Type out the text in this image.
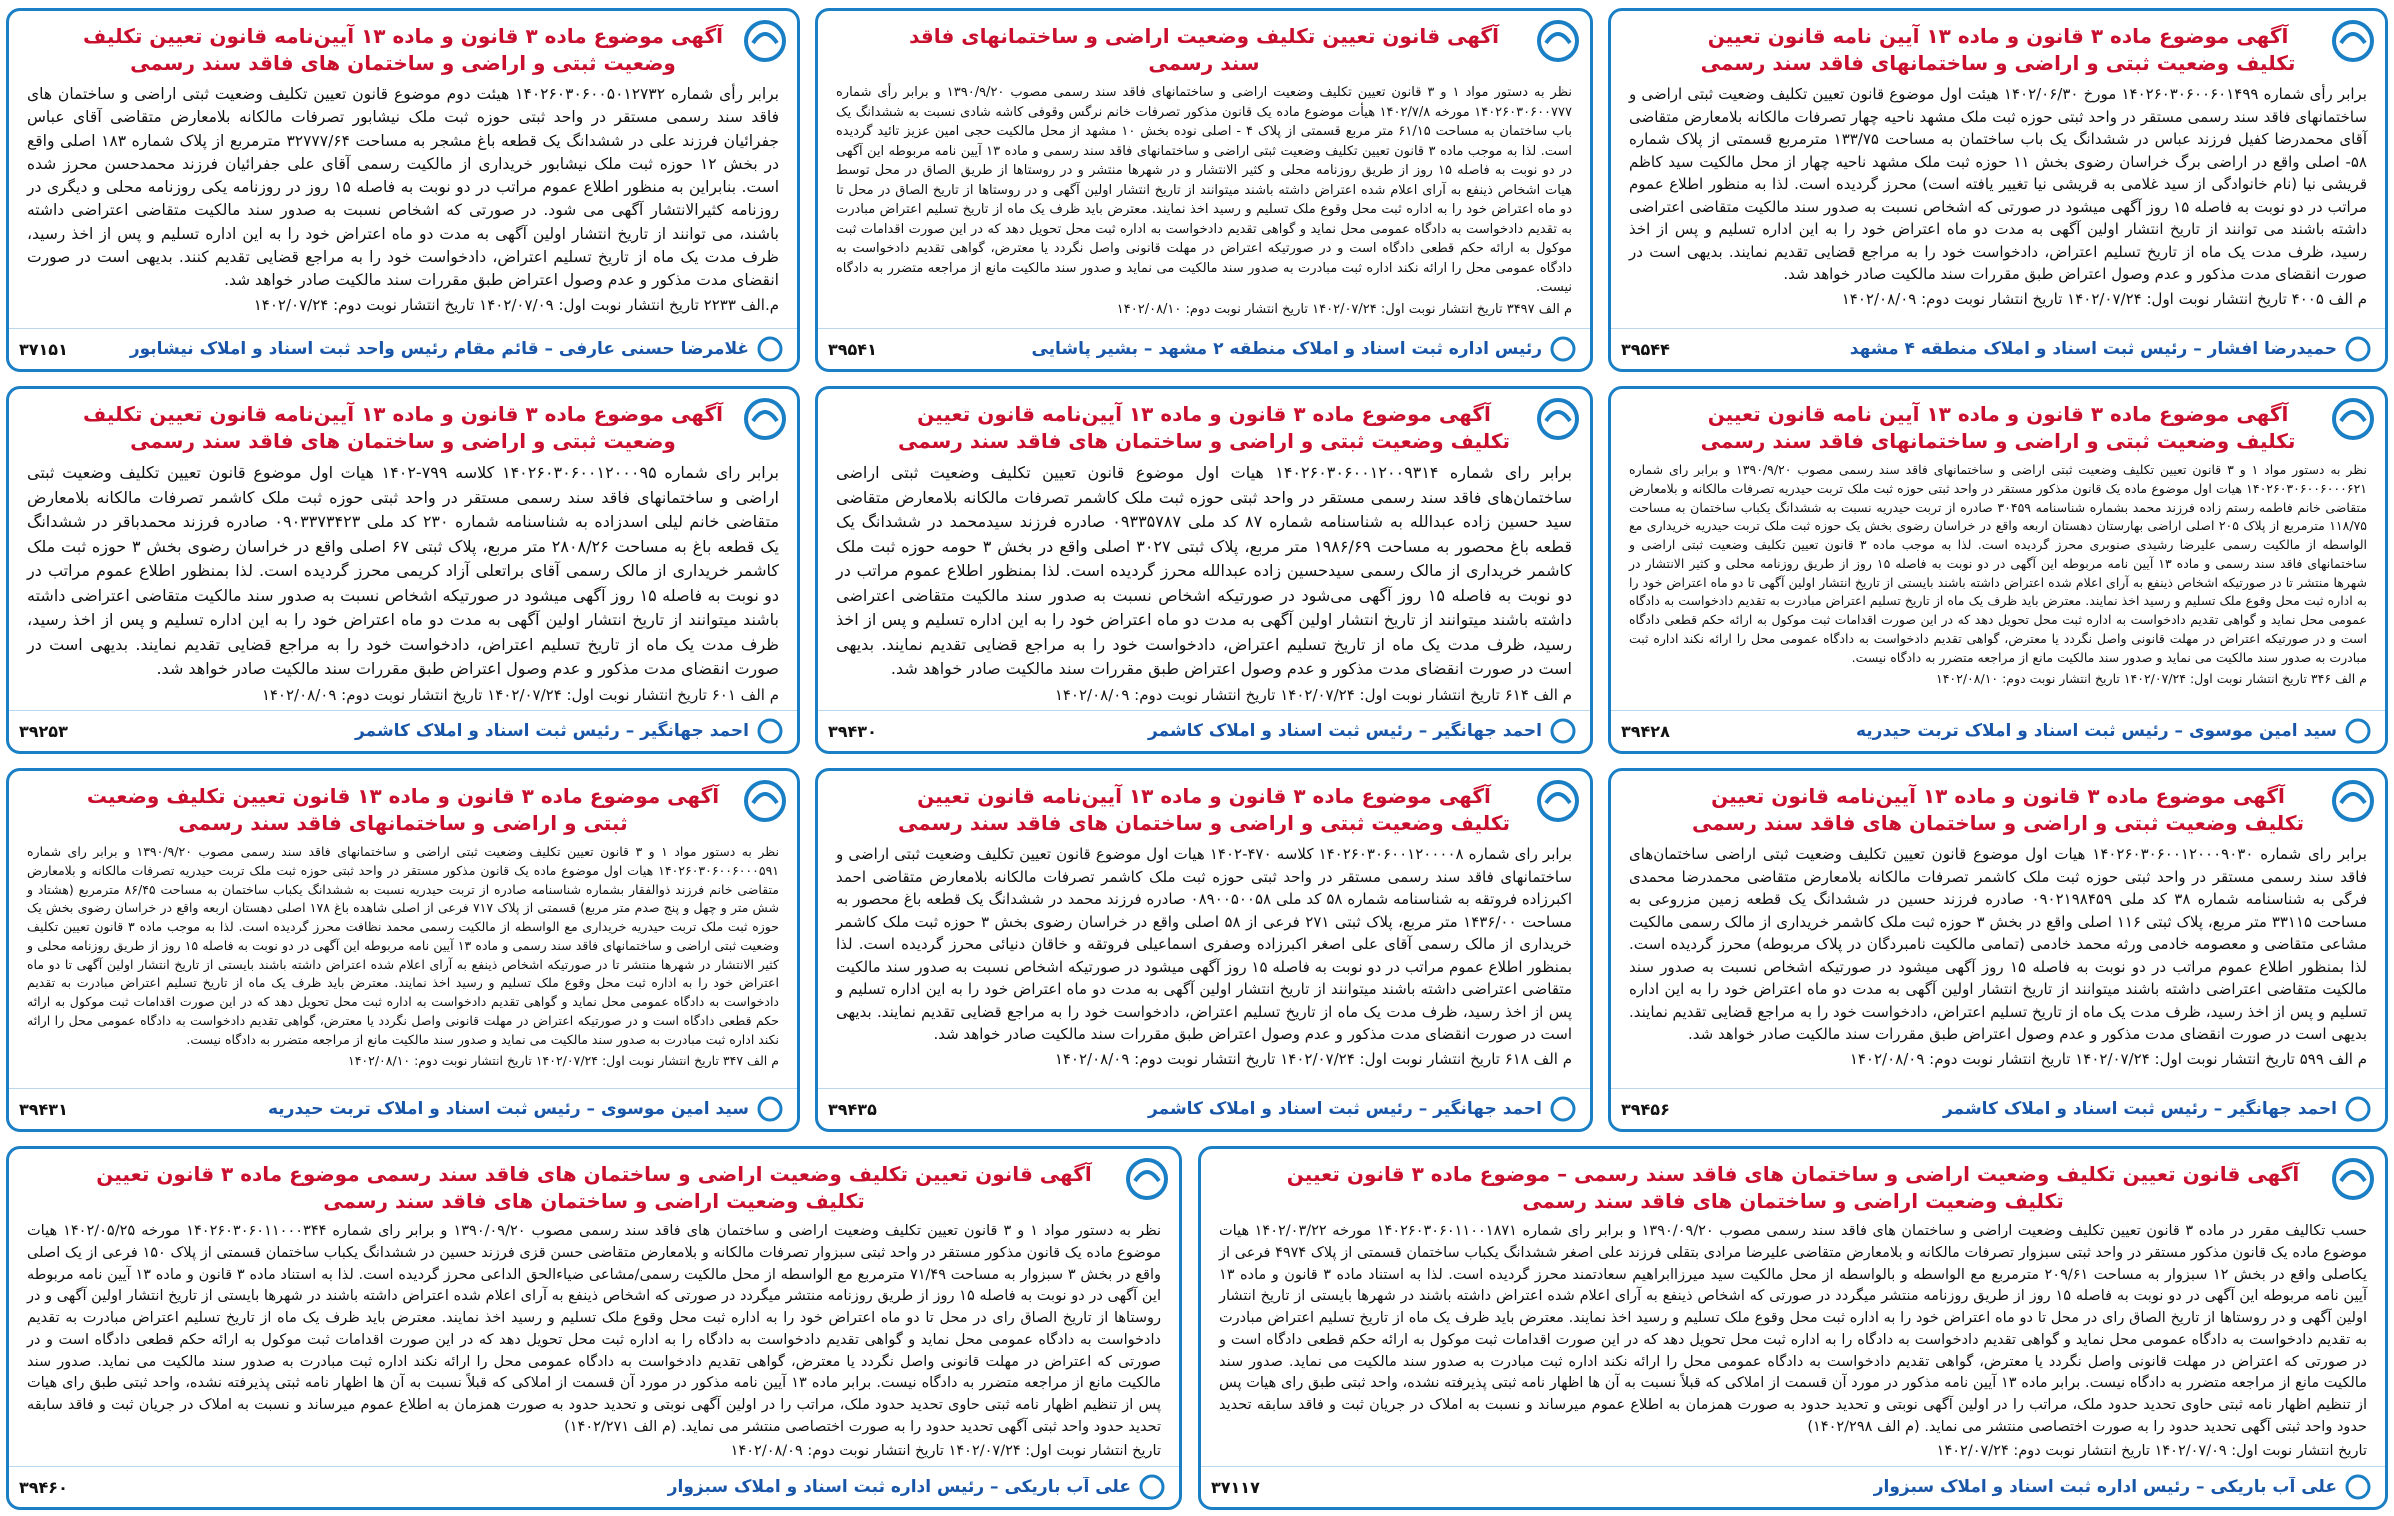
آگهی موضوع ماده ۳ قانون و ماده ۱۳ آیین نامه قانون تعیین تکلیف وضعیت ثبتی و اراضی و ساختمانهای فاقد سند رسمی
برابر رأی شماره ۱۴۰۲۶۰۳۰۶۰۰۶۰۱۴۹۹ مورخ ۱۴۰۲/۰۶/۳۰ هیئت اول موضوع قانون تعیین تکلیف وضعیت ثبتی اراضی و ساختمانهای فاقد سند رسمی مستقر در واحد ثبتی حوزه ثبت ملک مشهد ناحیه چهار تصرفات مالکانه بلامعارض متقاضی آقای محمدرضا کفیل فرزند عباس در ششدانگ یک باب ساختمان به مساحت ۱۳۳/۷۵ مترمربع قسمتی از پلاک شماره ۵۸- اصلی واقع در اراضی برگ خراسان رضوی بخش ۱۱ حوزه ثبت ملک مشهد ناحیه چهار از محل مالکیت سید کاظم قریشی نیا (نام خانوادگی از سید غلامی به قریشی نیا تغییر یافته است) محرز گردیده است. لذا به منظور اطلاع عموم مراتب در دو نوبت به فاصله ۱۵ روز آگهی میشود در صورتی که اشخاص نسبت به صدور سند مالکیت متقاضی اعتراضی داشته باشند می توانند از تاریخ انتشار اولین آگهی به مدت دو ماه اعتراض خود را به این اداره تسلیم و پس از اخذ رسید، ظرف مدت یک ماه از تاریخ تسلیم اعتراض، دادخواست خود را به مراجع قضایی تقدیم نمایند. بدیهی است در صورت انقضای مدت مذکور و عدم وصول اعتراض طبق مقررات سند مالکیت صادر خواهد شد.
م الف ۴۰۰۵ تاریخ انتشار نوبت اول: ۱۴۰۲/۰۷/۲۴ تاریخ انتشار نوبت دوم: ۱۴۰۲/۰۸/۰۹
حمیدرضا افشار – رئیس ثبت اسناد و املاک منطقه ۴ مشهد
۳۹۵۴۴
آگهی قانون تعیین تکلیف وضعیت اراضی و ساختمانهای فاقد سند رسمی
نظر به دستور مواد ۱ و ۳ قانون تعیین تکلیف وضعیت اراضی و ساختمانهای فاقد سند رسمی مصوب ۱۳۹۰/۹/۲۰ و برابر رأی شماره ۱۴۰۲۶۰۳۰۶۰۰۷۷۷ مورخه ۱۴۰۲/۷/۸ هیأت موضوع ماده یک قانون مذکور تصرفات خانم نرگس وقوفی کاشه شادی نسبت به ششدانگ یک باب ساختمان به مساحت ۶۱/۱۵ متر مربع قسمتی از پلاک ۴ - اصلی نوده بخش ۱۰ مشهد از محل مالکیت حجی امین عزیز تائید گردیده است. لذا به موجب ماده ۳ قانون تعیین تکلیف وضعیت ثبتی اراضی و ساختمانهای فاقد سند رسمی و ماده ۱۳ آیین نامه مربوطه این آگهی در دو نوبت به فاصله ۱۵ روز از طریق روزنامه محلی و کثیر الانتشار و در شهرها منتشر و در روستاها از طریق الصاق در محل توسط هیات اشخاص ذینفع به آرای اعلام شده اعتراض داشته باشند میتوانند از تاریخ انتشار اولین آگهی و در روستاها از تاریخ الصاق در محل تا دو ماه اعتراض خود را به اداره ثبت محل وقوع ملک تسلیم و رسید اخذ نمایند. معترض باید ظرف یک ماه از تاریخ تسلیم اعتراض مبادرت به تقدیم دادخواست به دادگاه عمومی محل نماید و گواهی تقدیم دادخواست به اداره ثبت محل تحویل دهد که در این صورت اقدامات ثبت موکول به ارائه حکم قطعی دادگاه است و در صورتیکه اعتراض در مهلت قانونی واصل نگردد یا معترض، گواهی تقدیم دادخواست به دادگاه عمومی محل را ارائه نکند اداره ثبت مبادرت به صدور سند مالکیت می نماید و صدور سند مالکیت مانع از مراجعه متضرر به دادگاه نیست.
م الف ۳۴۹۷ تاریخ انتشار نوبت اول: ۱۴۰۲/۰۷/۲۴ تاریخ انتشار نوبت دوم: ۱۴۰۲/۰۸/۱۰
رئیس اداره ثبت اسناد و املاک منطقه ۲ مشهد – بشیر پاشایی
۳۹۵۴۱
آگهی موضوع ماده ۳ قانون و ماده ۱۳ آیین‌نامه قانون تعیین تکلیف وضعیت ثبتی و اراضی و ساختمان های فاقد سند رسمی
برابر رأی شماره ۱۴۰۲۶۰۳۰۶۰۰۵۰۱۲۷۳۲ هیئت دوم موضوع قانون تعیین تکلیف وضعیت ثبتی اراضی و ساختمان های فاقد سند رسمی مستقر در واحد ثبتی حوزه ثبت ملک نیشابور تصرفات مالکانه بلامعارض متقاضی آقای عباس جفرائیان فرزند علی در ششدانگ یک قطعه باغ مشجر به مساحت ۳۲۷۷۷/۶۴ مترمربع از پلاک شماره ۱۸۳ اصلی واقع در بخش ۱۲ حوزه ثبت ملک نیشابور خریداری از مالکیت رسمی آقای علی جفرائیان فرزند محمدحسن محرز شده است. بنابراین به منظور اطلاع عموم مراتب در دو نوبت به فاصله ۱۵ روز در روزنامه یکی روزنامه محلی و دیگری در روزنامه کثیرالانتشار آگهی می شود. در صورتی که اشخاص نسبت به صدور سند مالکیت متقاضی اعتراضی داشته باشند، می توانند از تاریخ انتشار اولین آگهی به مدت دو ماه اعتراض خود را به این اداره تسلیم و پس از اخذ رسید، ظرف مدت یک ماه از تاریخ تسلیم اعتراض، دادخواست خود را به مراجع قضایی تقدیم کنند. بدیهی است در صورت انقضای مدت مذکور و عدم وصول اعتراض طبق مقررات سند مالکیت صادر خواهد شد.
م.الف ۲۲۳۳ تاریخ انتشار نوبت اول: ۱۴۰۲/۰۷/۰۹ تاریخ انتشار نوبت دوم: ۱۴۰۲/۰۷/۲۴
غلامرضا حسنی عارفی – قائم مقام رئیس واحد ثبت اسناد و املاک نیشابور
۳۷۱۵۱
آگهی موضوع ماده ۳ قانون و ماده ۱۳ آیین نامه قانون تعیین تکلیف وضعیت ثبتی و اراضی و ساختمانهای فاقد سند رسمی
نظر به دستور مواد ۱ و ۳ قانون تعیین تکلیف وضعیت ثبتی اراضی و ساختمانهای فاقد سند رسمی مصوب ۱۳۹۰/۹/۲۰ و برابر رای شماره ۱۴۰۲۶۰۳۰۶۰۰۶۰۰۰۶۲۱ هیات اول موضوع ماده یک قانون مذکور مستقر در واحد ثبتی حوزه ثبت ملک تربت حیدریه تصرفات مالکانه و بلامعارض متقاضی خانم فاطمه رستم زاده فرزند محمد بشماره شناسنامه ۳۰۴۵۹ صادره از تربت حیدریه نسبت به ششدانگ یکباب ساختمان به مساحت ۱۱۸/۷۵ مترمربع از پلاک ۲۰۵ اصلی اراضی بهارستان دهستان اربعه واقع در خراسان رضوی بخش یک حوزه ثبت ملک تربت حیدریه خریداری مع الواسطه از مالکیت رسمی علیرضا رشیدی صنوبری محرز گردیده است. لذا به موجب ماده ۳ قانون تعیین تکلیف وضعیت ثبتی اراضی و ساختمانهای فاقد سند رسمی و ماده ۱۳ آیین نامه مربوطه این آگهی در دو نوبت به فاصله ۱۵ روز از طریق روزنامه محلی و کثیر الانتشار در شهرها منتشر تا در صورتیکه اشخاص ذینفع به آرای اعلام شده اعتراض داشته باشند بایستی از تاریخ انتشار اولین آگهی تا دو ماه اعتراض خود را به اداره ثبت محل وقوع ملک تسلیم و رسید اخذ نمایند. معترض باید ظرف یک ماه از تاریخ تسلیم اعتراض مبادرت به تقدیم دادخواست به دادگاه عمومی محل نماید و گواهی تقدیم دادخواست به اداره ثبت محل تحویل دهد که در این صورت اقدامات ثبت موکول به ارائه حکم قطعی دادگاه است و در صورتیکه اعتراض در مهلت قانونی واصل نگردد یا معترض، گواهی تقدیم دادخواست به دادگاه عمومی محل را ارائه نکند اداره ثبت مبادرت به صدور سند مالکیت می نماید و صدور سند مالکیت مانع از مراجعه متضرر به دادگاه نیست.
م الف ۳۴۶ تاریخ انتشار نوبت اول: ۱۴۰۲/۰۷/۲۴ تاریخ انتشار نوبت دوم: ۱۴۰۲/۰۸/۱۰
سید امین موسوی – رئیس ثبت اسناد و املاک تربت حیدریه
۳۹۴۲۸
آگهی موضوع ماده ۳ قانون و ماده ۱۳ آیین‌نامه قانون تعیین تکلیف وضعیت ثبتی و اراضی و ساختمان های فاقد سند رسمی
برابر رای شماره ۱۴۰۲۶۰۳۰۶۰۰۱۲۰۰۹۳۱۴ هیات اول موضوع قانون تعیین تکلیف وضعیت ثبتی اراضی ساختمان‌های فاقد سند رسمی مستقر در واحد ثبتی حوزه ثبت ملک کاشمر تصرفات مالکانه بلامعارض متقاضی سید حسین زاده عبدالله به شناسنامه شماره ۸۷ کد ملی ۰۹۳۳۵۷۸۷ صادره فرزند سیدمحمد در ششدانگ یک قطعه باغ محصور به مساحت ۱۹۸۶/۶۹ متر مربع، پلاک ثبتی ۳۰۲۷ اصلی واقع در بخش ۳ حومه حوزه ثبت ملک کاشمر خریداری از مالک رسمی سیدحسین زاده عبدالله محرز گردیده است. لذا بمنظور اطلاع عموم مراتب در دو نوبت به فاصله ۱۵ روز آگهی می‌شود در صورتیکه اشخاص نسبت به صدور سند مالکیت متقاضی اعتراضی داشته باشند میتوانند از تاریخ انتشار اولین آگهی به مدت دو ماه اعتراض خود را به این اداره تسلیم و پس از اخذ رسید، ظرف مدت یک ماه از تاریخ تسلیم اعتراض، دادخواست خود را به مراجع قضایی تقدیم نمایند. بدیهی است در صورت انقضای مدت مذکور و عدم وصول اعتراض طبق مقررات سند مالکیت صادر خواهد شد.
م الف ۶۱۴ تاریخ انتشار نوبت اول: ۱۴۰۲/۰۷/۲۴ تاریخ انتشار نوبت دوم: ۱۴۰۲/۰۸/۰۹
احمد جهانگیر – رئیس ثبت اسناد و املاک کاشمر
۳۹۴۳۰
آگهی موضوع ماده ۳ قانون و ماده ۱۳ آیین‌نامه قانون تعیین تکلیف وضعیت ثبتی و اراضی و ساختمان های فاقد سند رسمی
برابر رای شماره ۱۴۰۲۶۰۳۰۶۰۰۱۲۰۰۰۹۵ کلاسه ۷۹۹-۱۴۰۲ هیات اول موضوع قانون تعیین تکلیف وضعیت ثبتی اراضی و ساختمانهای فاقد سند رسمی مستقر در واحد ثبتی حوزه ثبت ملک کاشمر تصرفات مالکانه بلامعارض متقاضی خانم لیلی اسدزاده به شناسنامه شماره ۲۳۰ کد ملی ۰۹۰۳۳۷۳۴۲۳ صادره فرزند محمدباقر در ششدانگ یک قطعه باغ به مساحت ۲۸۰۸/۲۶ متر مربع، پلاک ثبتی ۶۷ اصلی واقع در خراسان رضوی بخش ۳ حوزه ثبت ملک کاشمر خریداری از مالک رسمی آقای براتعلی آزاد کریمی محرز گردیده است. لذا بمنظور اطلاع عموم مراتب در دو نوبت به فاصله ۱۵ روز آگهی میشود در صورتیکه اشخاص نسبت به صدور سند مالکیت متقاضی اعتراضی داشته باشند میتوانند از تاریخ انتشار اولین آگهی به مدت دو ماه اعتراض خود را به این اداره تسلیم و پس از اخذ رسید، ظرف مدت یک ماه از تاریخ تسلیم اعتراض، دادخواست خود را به مراجع قضایی تقدیم نمایند. بدیهی است در صورت انقضای مدت مذکور و عدم وصول اعتراض طبق مقررات سند مالکیت صادر خواهد شد.
م الف ۶۰۱ تاریخ انتشار نوبت اول: ۱۴۰۲/۰۷/۲۴ تاریخ انتشار نوبت دوم: ۱۴۰۲/۰۸/۰۹
احمد جهانگیر – رئیس ثبت اسناد و املاک کاشمر
۳۹۲۵۳
آگهی موضوع ماده ۳ قانون و ماده ۱۳ آیین‌نامه قانون تعیین تکلیف وضعیت ثبتی و اراضی و ساختمان های فاقد سند رسمی
برابر رای شماره ۱۴۰۲۶۰۳۰۶۰۰۱۲۰۰۰۹۰۳۰ هیات اول موضوع قانون تعیین تکلیف وضعیت ثبتی اراضی ساختمان‌های فاقد سند رسمی مستقر در واحد ثبتی حوزه ثبت ملک کاشمر تصرفات مالکانه بلامعارض متقاضی محمدرضا محمدی فرگی به شناسنامه شماره ۳۸ کد ملی ۰۹۰۲۱۹۸۴۵۹ صادره فرزند حسین در ششدانگ یک قطعه زمین مزروعی به مساحت ۳۳۱۱۵ متر مربع، پلاک ثبتی ۱۱۶ اصلی واقع در بخش ۳ حوزه ثبت ملک کاشمر خریداری از مالک رسمی مالکیت مشاعی متقاضی و معصومه خادمی ورثه محمد خادمی (تمامی مالکیت نامبردگان در پلاک مربوطه) محرز گردیده است. لذا بمنظور اطلاع عموم مراتب در دو نوبت به فاصله ۱۵ روز آگهی میشود در صورتیکه اشخاص نسبت به صدور سند مالکیت متقاضی اعتراضی داشته باشند میتوانند از تاریخ انتشار اولین آگهی به مدت دو ماه اعتراض خود را به این اداره تسلیم و پس از اخذ رسید، ظرف مدت یک ماه از تاریخ تسلیم اعتراض، دادخواست خود را به مراجع قضایی تقدیم نمایند. بدیهی است در صورت انقضای مدت مذکور و عدم وصول اعتراض طبق مقررات سند مالکیت صادر خواهد شد.
م الف ۵۹۹ تاریخ انتشار نوبت اول: ۱۴۰۲/۰۷/۲۴ تاریخ انتشار نوبت دوم: ۱۴۰۲/۰۸/۰۹
احمد جهانگیر – رئیس ثبت اسناد و املاک کاشمر
۳۹۴۵۶
آگهی موضوع ماده ۳ قانون و ماده ۱۳ آیین‌نامه قانون تعیین تکلیف وضعیت ثبتی و اراضی و ساختمان های فاقد سند رسمی
برابر رای شماره ۱۴۰۲۶۰۳۰۶۰۰۱۲۰۰۰۰۸ کلاسه ۴۷۰-۱۴۰۲ هیات اول موضوع قانون تعیین تکلیف وضعیت ثبتی اراضی و ساختمانهای فاقد سند رسمی مستقر در واحد ثبتی حوزه ثبت ملک کاشمر تصرفات مالکانه بلامعارض متقاضی احمد اکبرزاده فروتقه به شناسنامه شماره ۵۸ کد ملی ۰۸۹۰۰۵۰۰۵۸ صادره فرزند محمد در ششدانگ یک قطعه باغ محصور به مساحت ۱۴۳۶/۰۰ متر مربع، پلاک ثبتی ۲۷۱ فرعی از ۵۸ اصلی واقع در خراسان رضوی بخش ۳ حوزه ثبت ملک کاشمر خریداری از مالک رسمی آقای علی اصغر اکبرزاده وصفری اسماعیلی فروتقه و خاقان دنیائی محرز گردیده است. لذا بمنظور اطلاع عموم مراتب در دو نوبت به فاصله ۱۵ روز آگهی میشود در صورتیکه اشخاص نسبت به صدور سند مالکیت متقاضی اعتراضی داشته باشند میتوانند از تاریخ انتشار اولین آگهی به مدت دو ماه اعتراض خود را به این اداره تسلیم و پس از اخذ رسید، ظرف مدت یک ماه از تاریخ تسلیم اعتراض، دادخواست خود را به مراجع قضایی تقدیم نمایند. بدیهی است در صورت انقضای مدت مذکور و عدم وصول اعتراض طبق مقررات سند مالکیت صادر خواهد شد.
م الف ۶۱۸ تاریخ انتشار نوبت اول: ۱۴۰۲/۰۷/۲۴ تاریخ انتشار نوبت دوم: ۱۴۰۲/۰۸/۰۹
احمد جهانگیر – رئیس ثبت اسناد و املاک کاشمر
۳۹۴۳۵
آگهی موضوع ماده ۳ قانون و ماده ۱۳ قانون تعیین تکلیف وضعیت ثبتی و اراضی و ساختمانهای فاقد سند رسمی
نظر به دستور مواد ۱ و ۳ قانون تعیین تکلیف وضعیت ثبتی اراضی و ساختمانهای فاقد سند رسمی مصوب ۱۳۹۰/۹/۲۰ و برابر رای شماره ۱۴۰۲۶۰۳۰۶۰۰۶۰۰۰۵۹۱ هیات اول موضوع ماده یک قانون مذکور مستقر در واحد ثبتی حوزه ثبت ملک تربت حیدریه تصرفات مالکانه و بلامعارض متقاضی خانم فرزند ذوالفقار بشماره شناسنامه صادره از تربت حیدریه نسبت به ششدانگ یکباب ساختمان به مساحت ۸۶/۴۵ مترمربع (هشتاد و شش متر و چهل و پنج صدم متر مربع) قسمتی از پلاک ۷۱۷ فرعی از اصلی شاهده باغ ۱۷۸ اصلی دهستان اربعه واقع در خراسان رضوی بخش یک حوزه ثبت ملک تربت حیدریه خریداری مع الواسطه از مالکیت رسمی محمد نظافت محرز گردیده است. لذا به موجب ماده ۳ قانون تعیین تکلیف وضعیت ثبتی اراضی و ساختمانهای فاقد سند رسمی و ماده ۱۳ آیین نامه مربوطه این آگهی در دو نوبت به فاصله ۱۵ روز از طریق روزنامه محلی و کثیر الانتشار در شهرها منتشر تا در صورتیکه اشخاص ذینفع به آرای اعلام شده اعتراض داشته باشند بایستی از تاریخ انتشار اولین آگهی تا دو ماه اعتراض خود را به اداره ثبت محل وقوع ملک تسلیم و رسید اخذ نمایند. معترض باید ظرف یک ماه از تاریخ تسلیم اعتراض مبادرت به تقدیم دادخواست به دادگاه عمومی محل نماید و گواهی تقدیم دادخواست به اداره ثبت محل تحویل دهد که در این صورت اقدامات ثبت موکول به ارائه حکم قطعی دادگاه است و در صورتیکه اعتراض در مهلت قانونی واصل نگردد یا معترض، گواهی تقدیم دادخواست به دادگاه عمومی محل را ارائه نکند اداره ثبت مبادرت به صدور سند مالکیت می نماید و صدور سند مالکیت مانع از مراجعه متضرر به دادگاه نیست.
م الف ۳۴۷ تاریخ انتشار نوبت اول: ۱۴۰۲/۰۷/۲۴ تاریخ انتشار نوبت دوم: ۱۴۰۲/۰۸/۱۰
سید امین موسوی – رئیس ثبت اسناد و املاک تربت حیدریه
۳۹۴۳۱
آگهی قانون تعیین تکلیف وضعیت اراضی و ساختمان های فاقد سند رسمی – موضوع ماده ۳ قانون تعیین تکلیف وضعیت اراضی و ساختمان های فاقد سند رسمی
حسب تکالیف مقرر در ماده ۳ قانون تعیین تکلیف وضعیت اراضی و ساختمان های فاقد سند رسمی مصوب ۱۳۹۰/۰۹/۲۰ و برابر رای شماره ۱۴۰۲۶۰۳۰۶۰۱۱۰۰۱۸۷۱ مورخه ۱۴۰۲/۰۳/۲۲ هیات موضوع ماده یک قانون مذکور مستقر در واحد ثبتی سبزوار تصرفات مالکانه و بلامعارض متقاضی علیرضا مرادی بتقلی فرزند علی اصغر ششدانگ یکباب ساختمان قسمتی از پلاک ۴۹۷۴ فرعی از یکاصلی واقع در بخش ۱۲ سبزوار به مساحت ۲۰۹/۶۱ مترمربع مع الواسطه و بالواسطه از محل مالکیت سید میرزاابراهیم سعادتمند محرز گردیده است. لذا به استناد ماده ۳ قانون و ماده ۱۳ آیین نامه مربوطه این آگهی در دو نوبت به فاصله ۱۵ روز از طریق روزنامه منتشر میگردد در صورتی که اشخاص ذینفع به آرای اعلام شده اعتراض داشته باشند در شهرها بایستی از تاریخ انتشار اولین آگهی و در روستاها از تاریخ الصاق رای در محل تا دو ماه اعتراض خود را به اداره ثبت محل وقوع ملک تسلیم و رسید اخذ نمایند. معترض باید ظرف یک ماه از تاریخ تسلیم اعتراض مبادرت به تقدیم دادخواست به دادگاه عمومی محل نماید و گواهی تقدیم دادخواست به دادگاه را به اداره ثبت محل تحویل دهد که در این صورت اقدامات ثبت موکول به ارائه حکم قطعی دادگاه است و در صورتی که اعتراض در مهلت قانونی واصل نگردد یا معترض، گواهی تقدیم دادخواست به دادگاه عمومی محل را ارائه نکند اداره ثبت مبادرت به صدور سند مالکیت می نماید. صدور سند مالکیت مانع از مراجعه متضرر به دادگاه نیست. برابر ماده ۱۳ آیین نامه مذکور در مورد آن قسمت از املاکی که قبلاً نسبت به آن ها اظهار نامه ثبتی پذیرفته نشده، واحد ثبتی طبق رای هیات پس از تنظیم اظهار نامه ثبتی حاوی تحدید حدود ملک، مراتب را در اولین آگهی نوبتی و تحدید حدود به صورت همزمان به اطلاع عموم میرساند و نسبت به املاک در جریان ثبت و فاقد سابقه تحدید حدود واحد ثبتی آگهی تحدید حدود را به صورت اختصاصی منتشر می نماید. (م الف ۱۴۰۲/۲۹۸)
تاریخ انتشار نوبت اول: ۱۴۰۲/۰۷/۰۹ تاریخ انتشار نوبت دوم: ۱۴۰۲/۰۷/۲۴
علی آب باریکی – رئیس اداره ثبت اسناد و املاک سبزوار
۳۷۱۱۷
آگهی قانون تعیین تکلیف وضعیت اراضی و ساختمان های فاقد سند رسمی موضوع ماده ۳ قانون تعیین تکلیف وضعیت اراضی و ساختمان های فاقد سند رسمی
نظر به دستور مواد ۱ و ۳ قانون تعیین تکلیف وضعیت اراضی و ساختمان های فاقد سند رسمی مصوب ۱۳۹۰/۰۹/۲۰ و برابر رای شماره ۱۴۰۲۶۰۳۰۶۰۱۱۰۰۰۳۴۴ مورخه ۱۴۰۲/۰۵/۲۵ هیات موضوع ماده یک قانون مذکور مستقر در واحد ثبتی سبزوار تصرفات مالکانه و بلامعارض متقاضی حسن قزی فرزند حسین در ششدانگ یکباب ساختمان قسمتی از پلاک ۱۵۰ فرعی از یک اصلی واقع در بخش ۳ سبزوار به مساحت ۷۱/۴۹ مترمربع مع الواسطه از محل مالکیت رسمی/مشاعی ضیاءالحق الداعی محرز گردیده است. لذا به استناد ماده ۳ قانون و ماده ۱۳ آیین نامه مربوطه این آگهی در دو نوبت به فاصله ۱۵ روز از طریق روزنامه منتشر میگردد در صورتی که اشخاص ذینفع به آرای اعلام شده اعتراض داشته باشند در شهرها بایستی از تاریخ انتشار اولین آگهی و در روستاها از تاریخ الصاق رای در محل تا دو ماه اعتراض خود را به اداره ثبت محل وقوع ملک تسلیم و رسید اخذ نمایند. معترض باید ظرف یک ماه از تاریخ تسلیم اعتراض مبادرت به تقدیم دادخواست به دادگاه عمومی محل نماید و گواهی تقدیم دادخواست به دادگاه را به اداره ثبت محل تحویل دهد که در این صورت اقدامات ثبت موکول به ارائه حکم قطعی دادگاه است و در صورتی که اعتراض در مهلت قانونی واصل نگردد یا معترض، گواهی تقدیم دادخواست به دادگاه عمومی محل را ارائه نکند اداره ثبت مبادرت به صدور سند مالکیت می نماید. صدور سند مالکیت مانع از مراجعه متضرر به دادگاه نیست. برابر ماده ۱۳ آیین نامه مذکور در مورد آن قسمت از املاکی که قبلاً نسبت به آن ها اظهار نامه ثبتی پذیرفته نشده، واحد ثبتی طبق رای هیات پس از تنظیم اظهار نامه ثبتی حاوی تحدید حدود ملک، مراتب را در اولین آگهی نوبتی و تحدید حدود به صورت همزمان به اطلاع عموم میرساند و نسبت به املاک در جریان ثبت و فاقد سابقه تحدید حدود واحد ثبتی آگهی تحدید حدود را به صورت اختصاصی منتشر می نماید. (م الف ۱۴۰۲/۲۷۱)
تاریخ انتشار نوبت اول: ۱۴۰۲/۰۷/۲۴ تاریخ انتشار نوبت دوم: ۱۴۰۲/۰۸/۰۹
علی آب باریکی – رئیس اداره ثبت اسناد و املاک سبزوار
۳۹۴۶۰
